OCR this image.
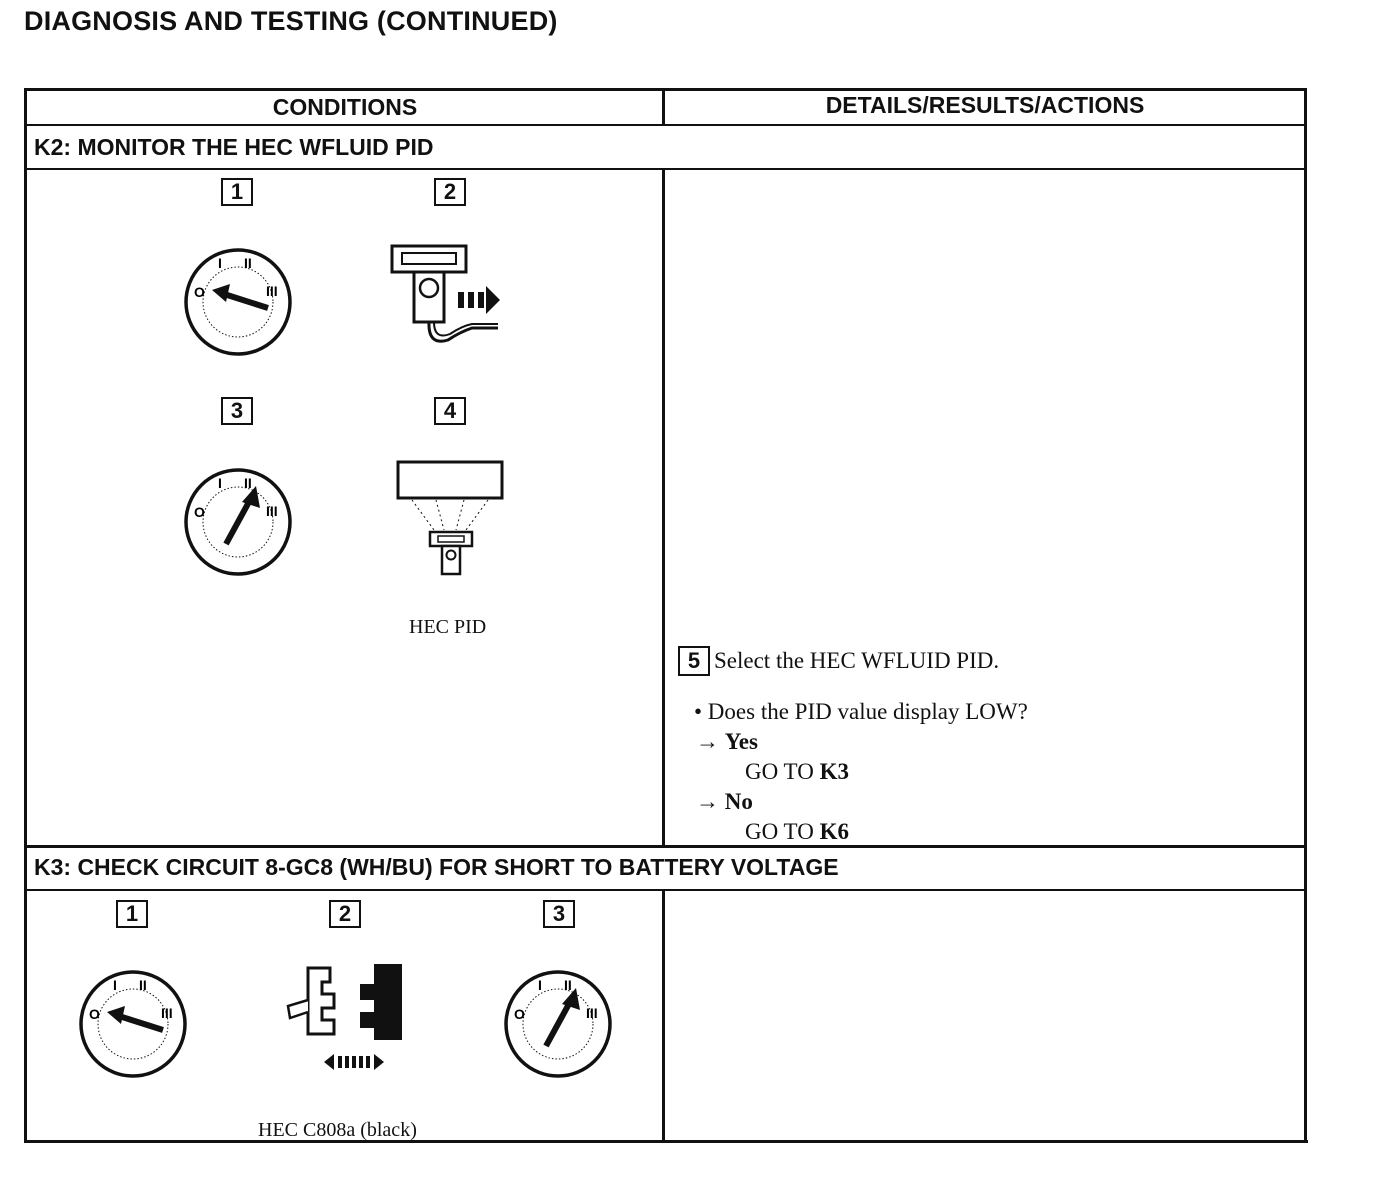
DIAGNOSIS AND TESTING (CONTINUED)
CONDITIONS	DETAILS/RESULTS/ACTIONS
K2: MONITOR THE HEC WFLUID PID
1	2
3	4
O
I II
III
O
I II
III
HEC PID
5 Select the HEC WFLUID PID.
• Does the PID value display LOW?
→ Yes
GO TO K3
→ No
GO TO K6
K3: CHECK CIRCUIT 8-GC8 (WH/BU) FOR SHORT TO BATTERY VOLTAGE
1	2	3
O
I II
III	O
I II
III
HEC C808a (black)
